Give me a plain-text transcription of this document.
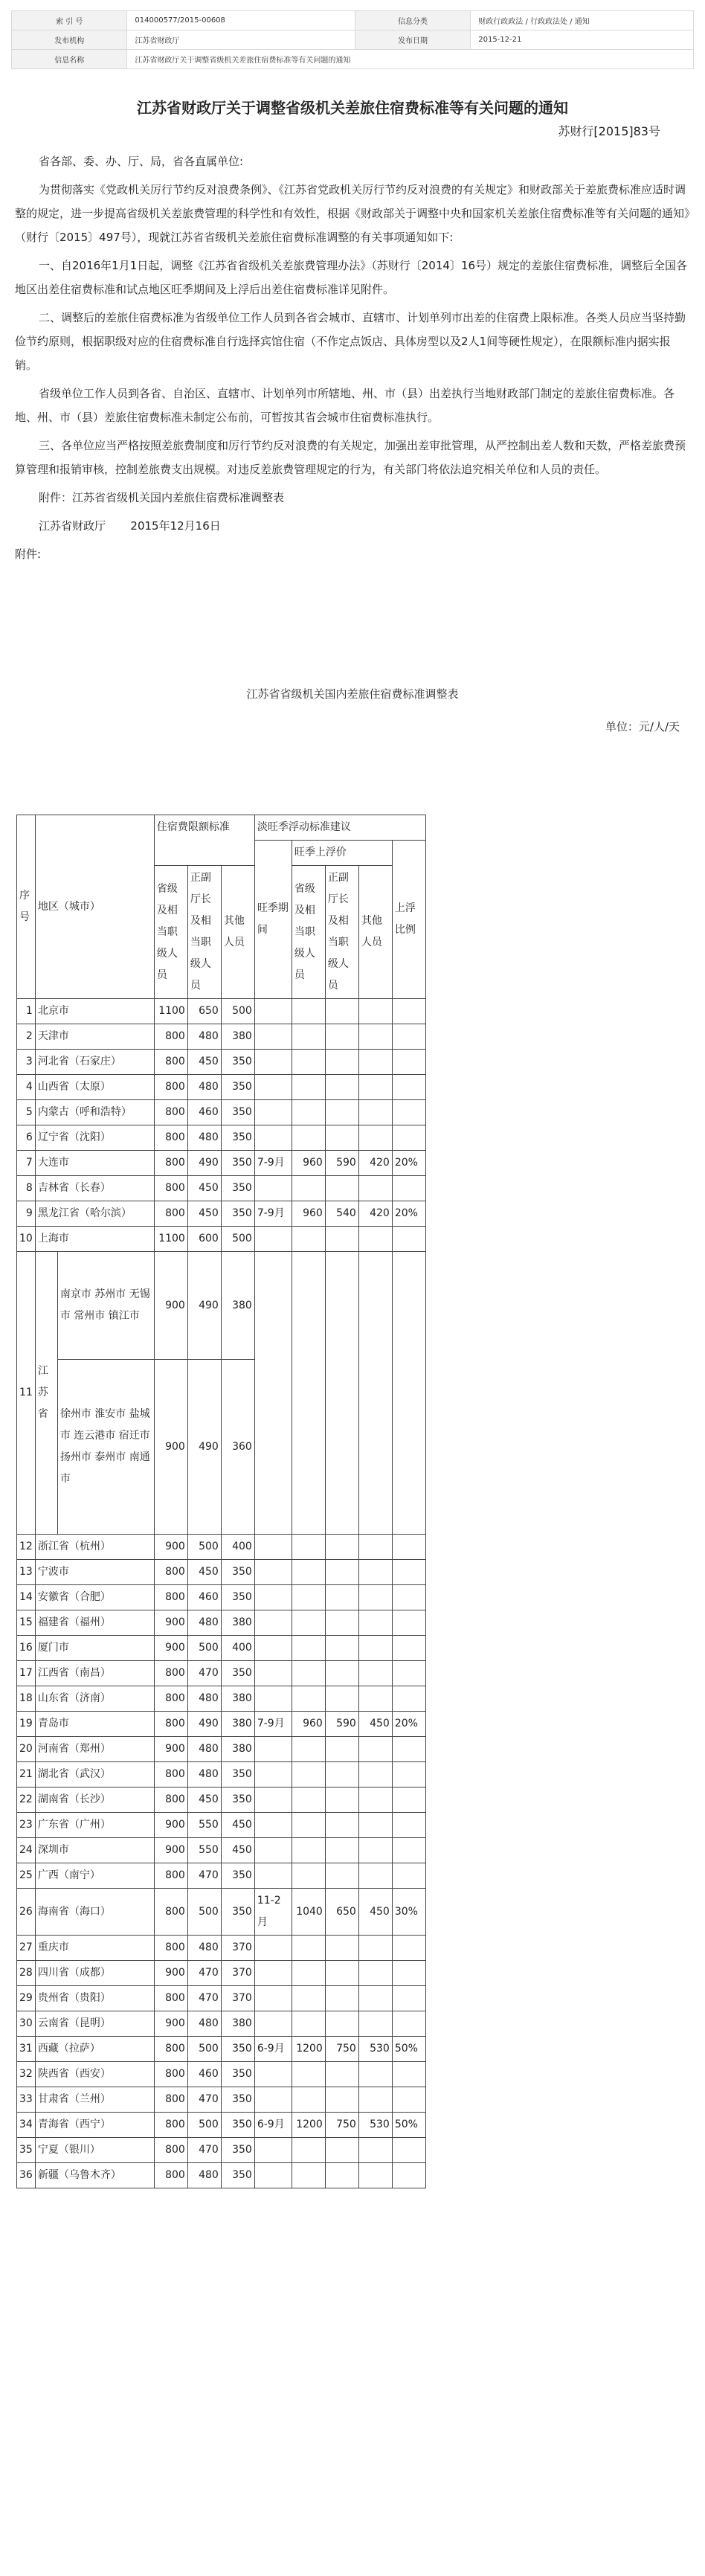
索 引 号	014000577/2015-00608	信息分类	财政行政政法 / 行政政法处 / 通知
发布机构	江苏省财政厅	发布日期	2015-12-21
信息名称	江苏省财政厅关于调整省级机关差旅住宿费标准等有关问题的通知		
江苏省财政厅关于调整省级机关差旅住宿费标准等有关问题的通知
苏财行[2015]83号

省各部、委、办、厅、局，省各直属单位:

为贯彻落实《党政机关厉行节约反对浪费条例》、《江苏省党政机关厉行节约反对浪费的有关规定》和财政部关于差旅费标准应适时调整的规定，进一步提高省级机关差旅费管理的科学性和有效性，根据《财政部关于调整中央和国家机关差旅住宿费标准等有关问题的通知》（财行〔2015〕497号），现就江苏省省级机关差旅住宿费标准调整的有关事项通知如下:

一、自2016年1月1日起，调整《江苏省省级机关差旅费管理办法》（苏财行〔2014〕16号）规定的差旅住宿费标准，调整后全国各地区出差住宿费标准和试点地区旺季期间及上浮后出差住宿费标准详见附件。

二、调整后的差旅住宿费标准为省级单位工作人员到各省会城市、直辖市、计划单列市出差的住宿费上限标准。各类人员应当坚持勤俭节约原则，根据职级对应的住宿费标准自行选择宾馆住宿（不作定点饭店、具体房型以及2人1间等硬性规定），在限额标准内据实报销。

省级单位工作人员到各省、自治区、直辖市、计划单列市所辖地、州、市（县）出差执行当地财政部门制定的差旅住宿费标准。各地、州、市（县）差旅住宿费标准未制定公布前，可暂按其省会城市住宿费标准执行。

三、各单位应当严格按照差旅费制度和厉行节约反对浪费的有关规定，加强出差审批管理，从严控制出差人数和天数，严格差旅费预算管理和报销审核，控制差旅费支出规模。对违反差旅费管理规定的行为，有关部门将依法追究相关单位和人员的责任。

附件：江苏省省级机关国内差旅住宿费标准调整表

江苏省财政厅 2015年12月16日

附件:

江苏省省级机关国内差旅住宿费标准调整表
单位：元/人/天
序号	地区（城市）		住宿费限额标准			淡旺季浮动标准建议				
						旺季期间	旺季上浮价			上浮比例
			省级及相当职级人员	正副厅长及相当职级人员	其他人员		省级及相当职级人员	正副厅长及相当职级人员	其他人员	
1	北京市		1100	650	500					
2	天津市		800	480	380					
3	河北省（石家庄）		800	450	350					
4	山西省（太原）		800	480	350					
5	内蒙古（呼和浩特）		800	460	350					
6	辽宁省（沈阳）		800	480	350					
7	大连市		800	490	350	7-9月	960	590	420	20%
8	吉林省（长春）		800	450	350					
9	黑龙江省（哈尔滨）		800	450	350	7-9月	960	540	420	20%
10	上海市		1100	600	500					
11	江苏省	南京市 苏州市 无锡市 常州市 镇江市	900	490	380					
		徐州市 淮安市 盐城市 连云港市 宿迁市 扬州市 泰州市 南通市	900	490	360					
12	浙江省（杭州）		900	500	400					
13	宁波市		800	450	350					
14	安徽省（合肥）		800	460	350					
15	福建省（福州）		900	480	380					
16	厦门市		900	500	400					
17	江西省（南昌）		800	470	350					
18	山东省（济南）		800	480	380					
19	青岛市		800	490	380	7-9月	960	590	450	20%
20	河南省（郑州）		900	480	380					
21	湖北省（武汉）		800	480	350					
22	湖南省（长沙）		800	450	350					
23	广东省（广州）		900	550	450					
24	深圳市		900	550	450					
25	广西（南宁）		800	470	350					
26	海南省（海口）		800	500	350	11-2月	1040	650	450	30%
27	重庆市		800	480	370					
28	四川省（成都）		900	470	370					
29	贵州省（贵阳）		800	470	370					
30	云南省（昆明）		900	480	380					
31	西藏（拉萨）		800	500	350	6-9月	1200	750	530	50%
32	陕西省（西安）		800	460	350					
33	甘肃省（兰州）		800	470	350					
34	青海省（西宁）		800	500	350	6-9月	1200	750	530	50%
35	宁夏（银川）		800	470	350					
36	新疆（乌鲁木齐）		800	480	350					
